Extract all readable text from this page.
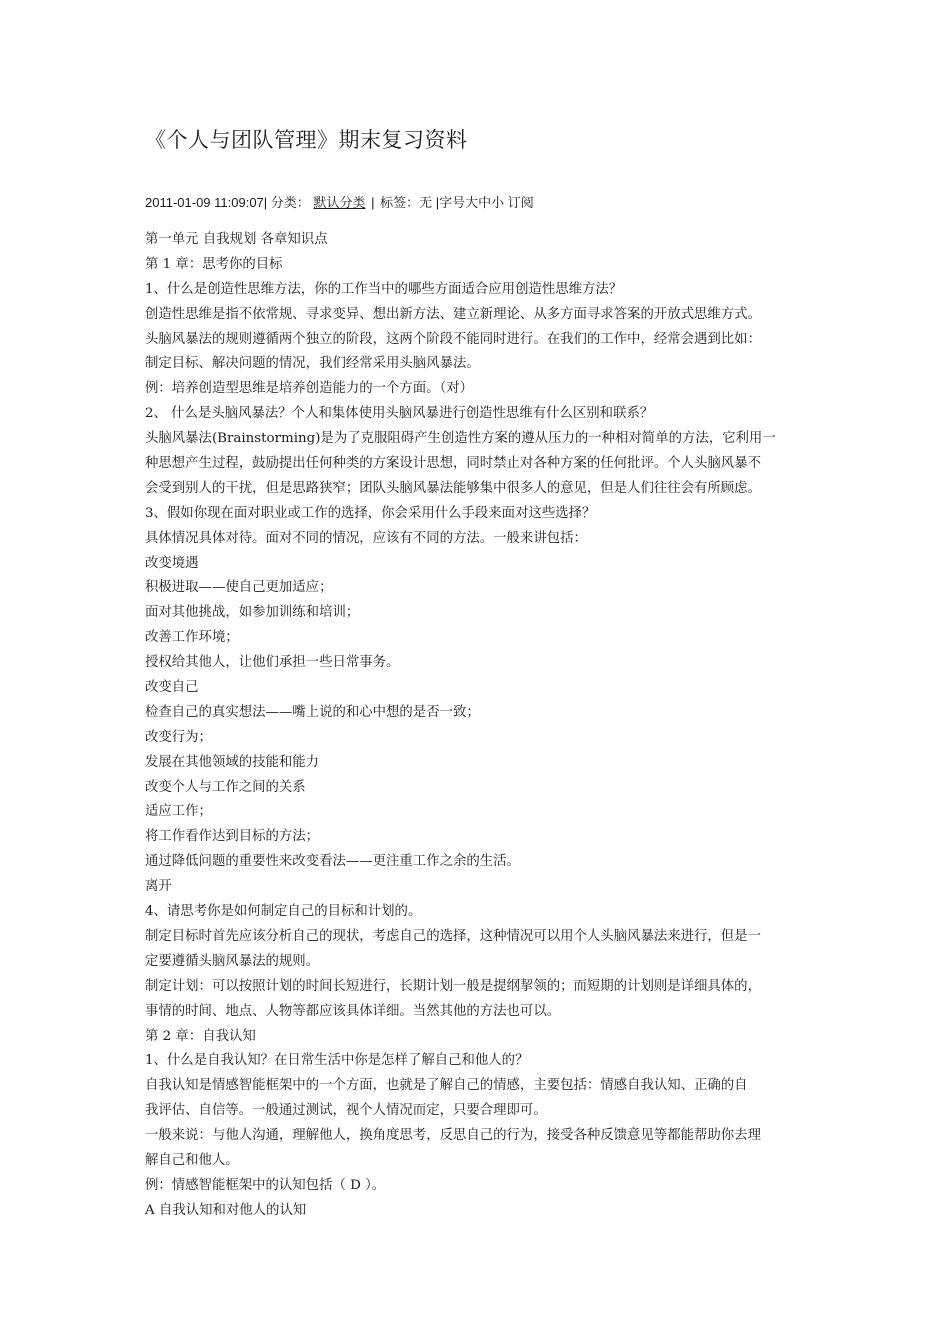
《个人与团队管理》期末复习资料
2011-01-09 11:09:07| 分类： 默认分类 | 标签：无 |字号大中小 订阅
第一单元 自我规划 各章知识点
第 1 章：思考你的目标
1、什么是创造性思维方法，你的工作当中的哪些方面适合应用创造性思维方法？
创造性思维是指不依常规、寻求变异、想出新方法、建立新理论、从多方面寻求答案的开放式思维方式。
头脑风暴法的规则遵循两个独立的阶段，这两个阶段不能同时进行。在我们的工作中，经常会遇到比如：
制定目标、解决问题的情况，我们经常采用头脑风暴法。
例：培养创造型思维是培养创造能力的一个方面。（对）
2、 什么是头脑风暴法？个人和集体使用头脑风暴进行创造性思维有什么区别和联系？
头脑风暴法(Brainstorming)是为了克服阻碍产生创造性方案的遵从压力的一种相对简单的方法，它利用一
种思想产生过程，鼓励提出任何种类的方案设计思想，同时禁止对各种方案的任何批评。个人头脑风暴不
会受到别人的干扰，但是思路狭窄；团队头脑风暴法能够集中很多人的意见，但是人们往往会有所顾虑。
3、假如你现在面对职业或工作的选择，你会采用什么手段来面对这些选择？
具体情况具体对待。面对不同的情况，应该有不同的方法。一般来讲包括：
改变境遇
积极进取——使自己更加适应；
面对其他挑战，如参加训练和培训；
改善工作环境；
授权给其他人，让他们承担一些日常事务。
改变自己
检查自己的真实想法——嘴上说的和心中想的是否一致；
改变行为；
发展在其他领域的技能和能力
改变个人与工作之间的关系
适应工作；
将工作看作达到目标的方法；
通过降低问题的重要性来改变看法——更注重工作之余的生活。
离开
4、请思考你是如何制定自己的目标和计划的。
制定目标时首先应该分析自己的现状，考虑自己的选择，这种情况可以用个人头脑风暴法来进行，但是一
定要遵循头脑风暴法的规则。
制定计划：可以按照计划的时间长短进行，长期计划一般是提纲挈领的；而短期的计划则是详细具体的，
事情的时间、地点、人物等都应该具体详细。当然其他的方法也可以。
第 2 章：自我认知
1、什么是自我认知？在日常生活中你是怎样了解自己和他人的？
自我认知是情感智能框架中的一个方面，也就是了解自己的情感，主要包括：情感自我认知、正确的自
我评估、自信等。一般通过测试，视个人情况而定，只要合理即可。
一般来说：与他人沟通，理解他人，换角度思考，反思自己的行为，接受各种反馈意见等都能帮助你去理
解自己和他人。
例：情感智能框架中的认知包括（ D ）。
A 自我认知和对他人的认知
